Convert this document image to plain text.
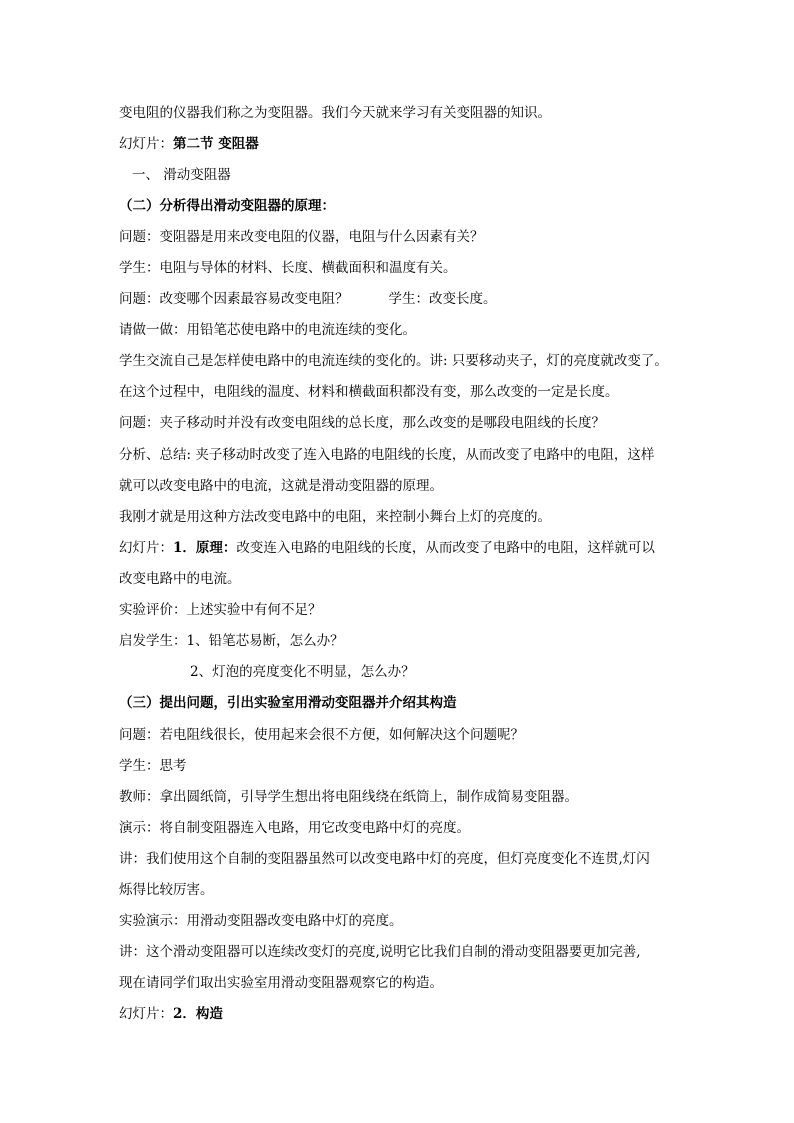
变电阻的仪器我们称之为变阻器。我们今天就来学习有关变阻器的知识。
幻灯片：第二节 变阻器
一、 滑动变阻器
（二）分析得出滑动变阻器的原理：
问题：变阻器是用来改变电阻的仪器，电阻与什么因素有关？
学生：电阻与导体的材料、长度、横截面积和温度有关。
问题：改变哪个因素最容易改变电阻？	学生：改变长度。
请做一做：用铅笔芯使电路中的电流连续的变化。
学生交流自己是怎样使电路中的电流连续的变化的。讲: 只要移动夹子，灯的亮度就改变了。
在这个过程中，电阻线的温度、材料和横截面积都没有变，那么改变的一定是长度。
问题：夹子移动时并没有改变电阻线的总长度，那么改变的是哪段电阻线的长度？
分析、总结: 夹子移动时改变了连入电路的电阻线的长度，从而改变了电路中的电阻，这样
就可以改变电路中的电流，这就是滑动变阻器的原理。
我刚才就是用这种方法改变电路中的电阻，来控制小舞台上灯的亮度的。
幻灯片：1．原理：改变连入电路的电阻线的长度，从而改变了电路中的电阻，这样就可以
改变电路中的电流。
实验评价：上述实验中有何不足？
启发学生：1、铅笔芯易断，怎么办？
2、灯泡的亮度变化不明显，怎么办？
（三）提出问题，引出实验室用滑动变阻器并介绍其构造
问题：若电阻线很长，使用起来会很不方便，如何解决这个问题呢？
学生：思考
教师：拿出圆纸筒，引导学生想出将电阻线绕在纸筒上，制作成简易变阻器。
演示：将自制变阻器连入电路，用它改变电路中灯的亮度。
讲：我们使用这个自制的变阻器虽然可以改变电路中灯的亮度，但灯亮度变化不连贯,灯闪
烁得比较厉害。
实验演示：用滑动变阻器改变电路中灯的亮度。
讲：这个滑动变阻器可以连续改变灯的亮度,说明它比我们自制的滑动变阻器要更加完善,
现在请同学们取出实验室用滑动变阻器观察它的构造。
幻灯片：2．构造
